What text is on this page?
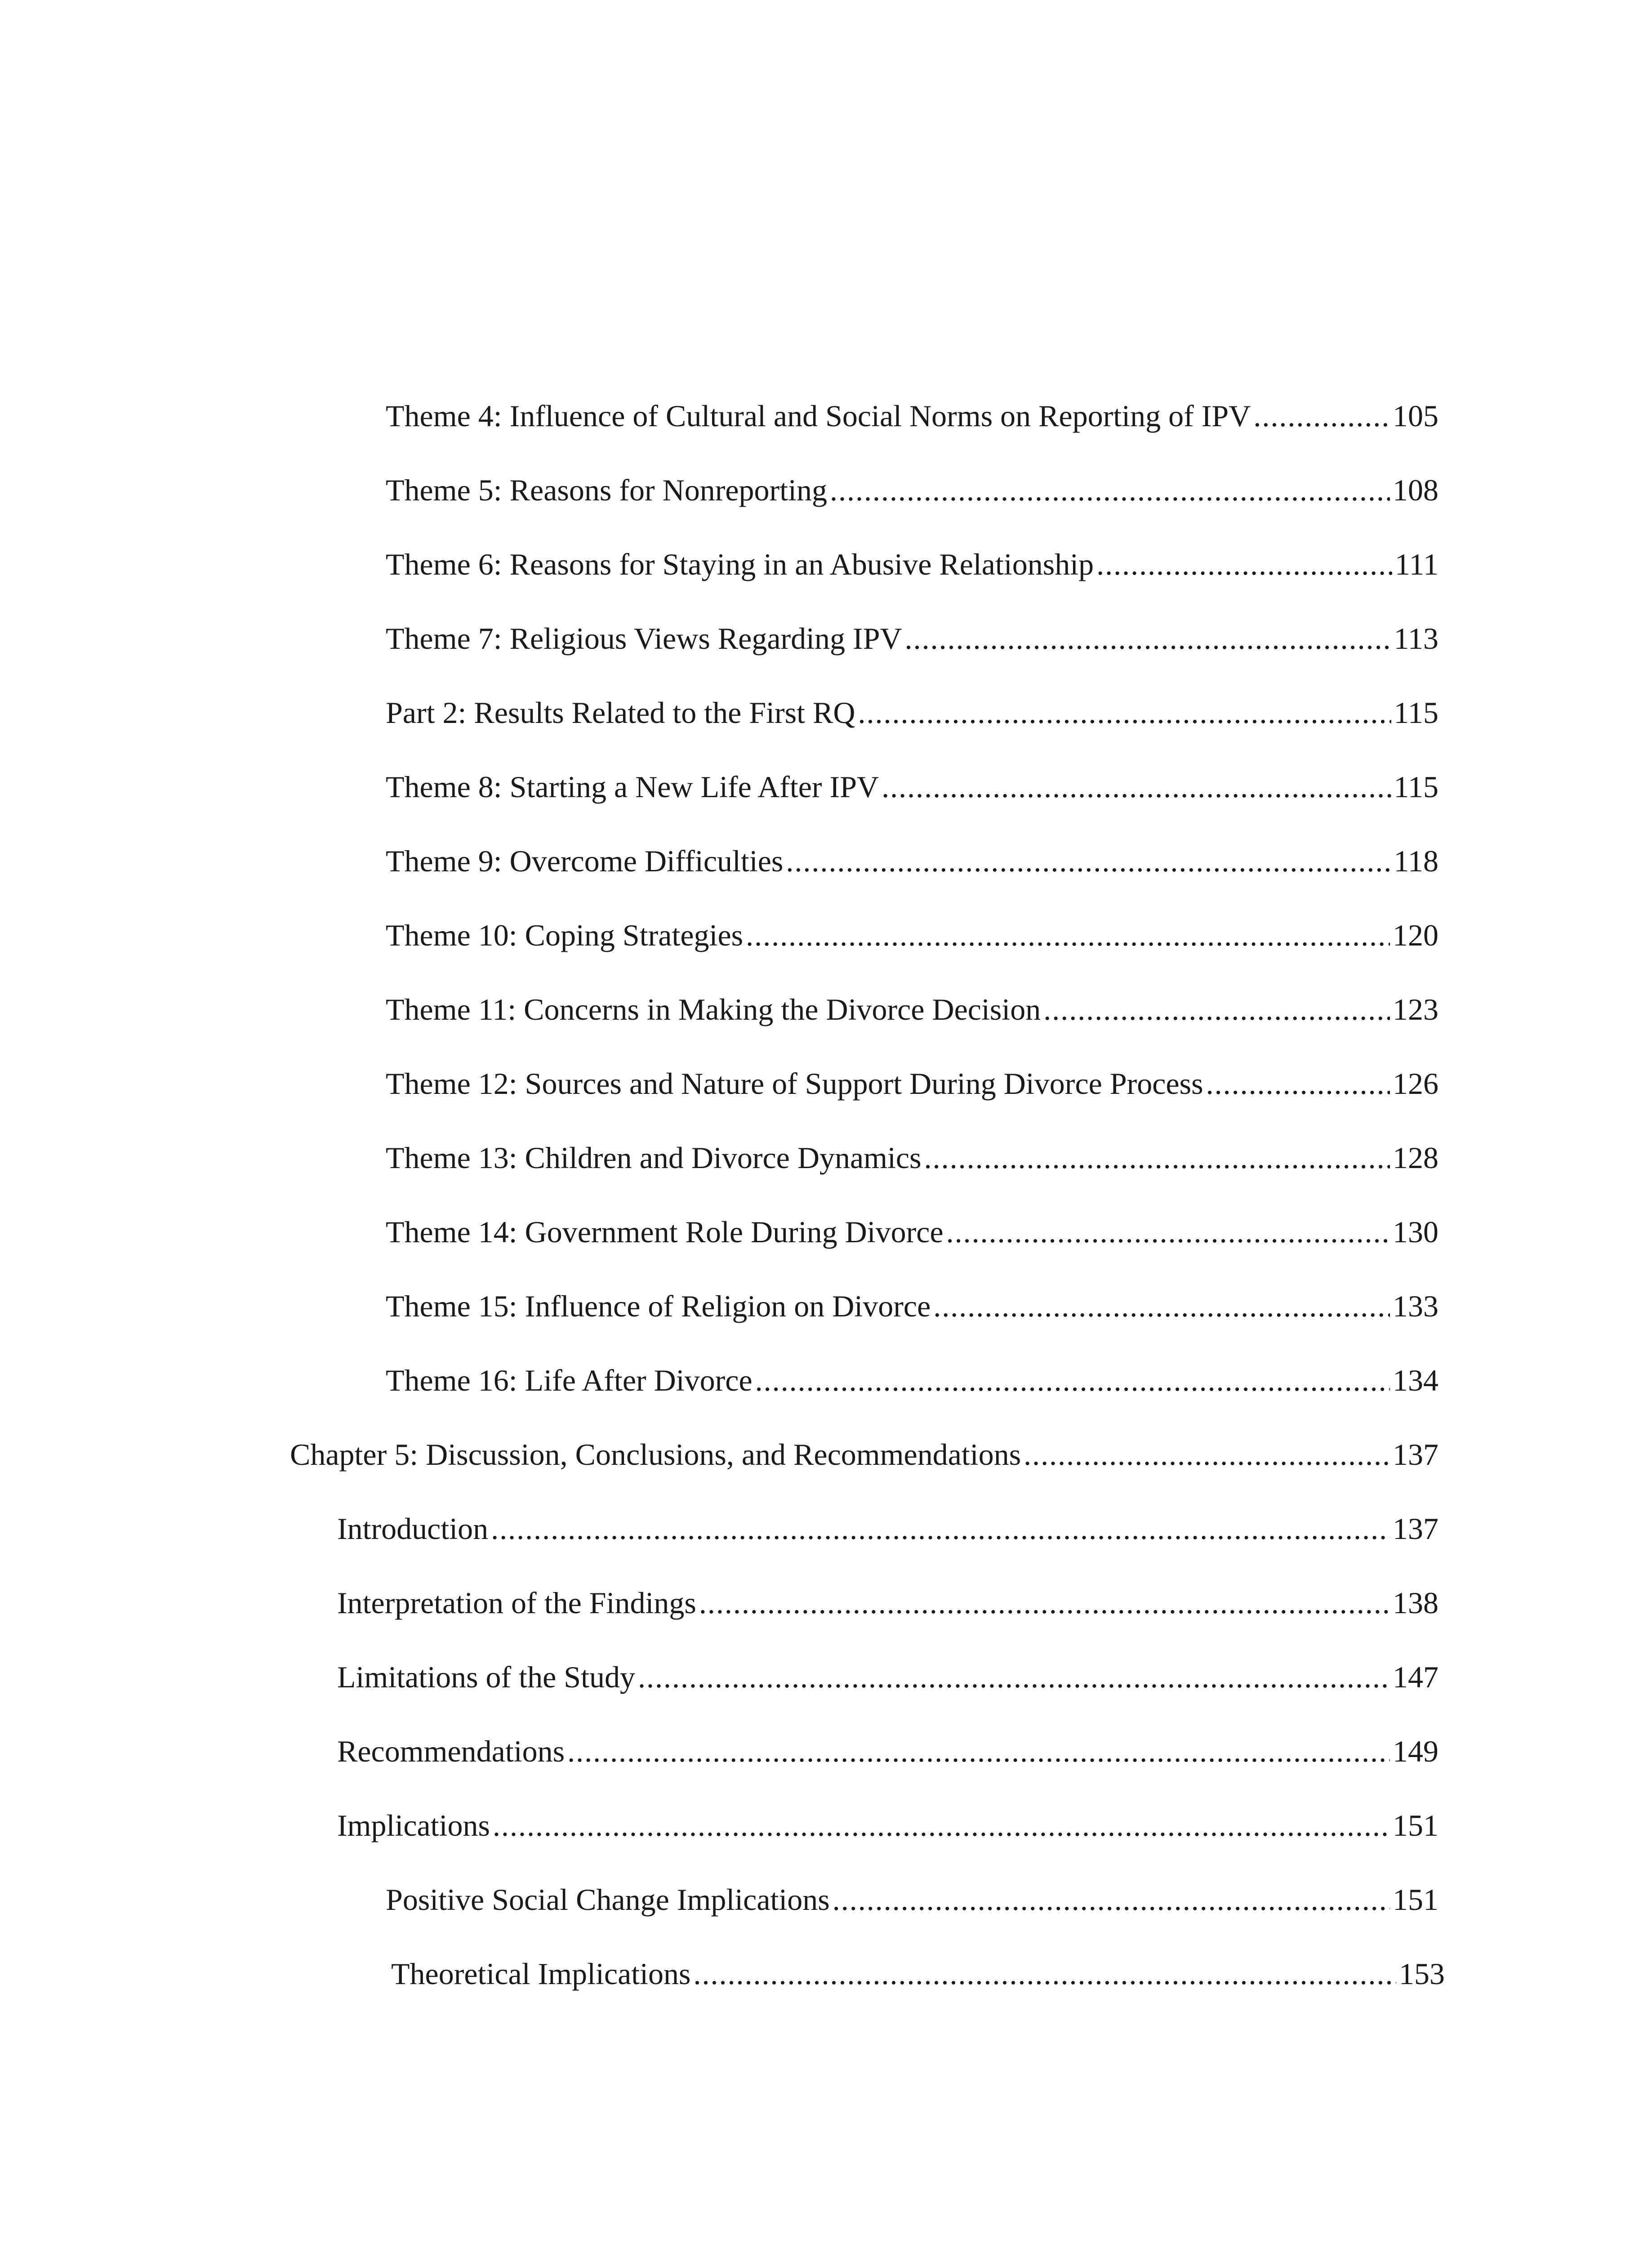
Theme 4: Influence of Cultural and Social Norms on Reporting of IPV .....	105
Theme 5: Reasons for Nonreporting .....	108
Theme 6: Reasons for Staying in an Abusive Relationship .....	111
Theme 7: Religious Views Regarding IPV .....	113
Part 2: Results Related to the First RQ .....	115
Theme 8: Starting a New Life After IPV .....	115
Theme 9: Overcome Difficulties .....	118
Theme 10: Coping Strategies .....	120
Theme 11: Concerns in Making the Divorce Decision .....	123
Theme 12: Sources and Nature of Support During Divorce Process .....	126
Theme 13: Children and Divorce Dynamics .....	128
Theme 14: Government Role During Divorce .....	130
Theme 15: Influence of Religion on Divorce .....	133
Theme 16: Life After Divorce .....	134
Chapter 5: Discussion, Conclusions, and Recommendations .....	137
Introduction .....	137
Interpretation of the Findings .....	138
Limitations of the Study .....	147
Recommendations .....	149
Implications .....	151
Positive Social Change Implications .....	151
Theoretical Implications .....	153
